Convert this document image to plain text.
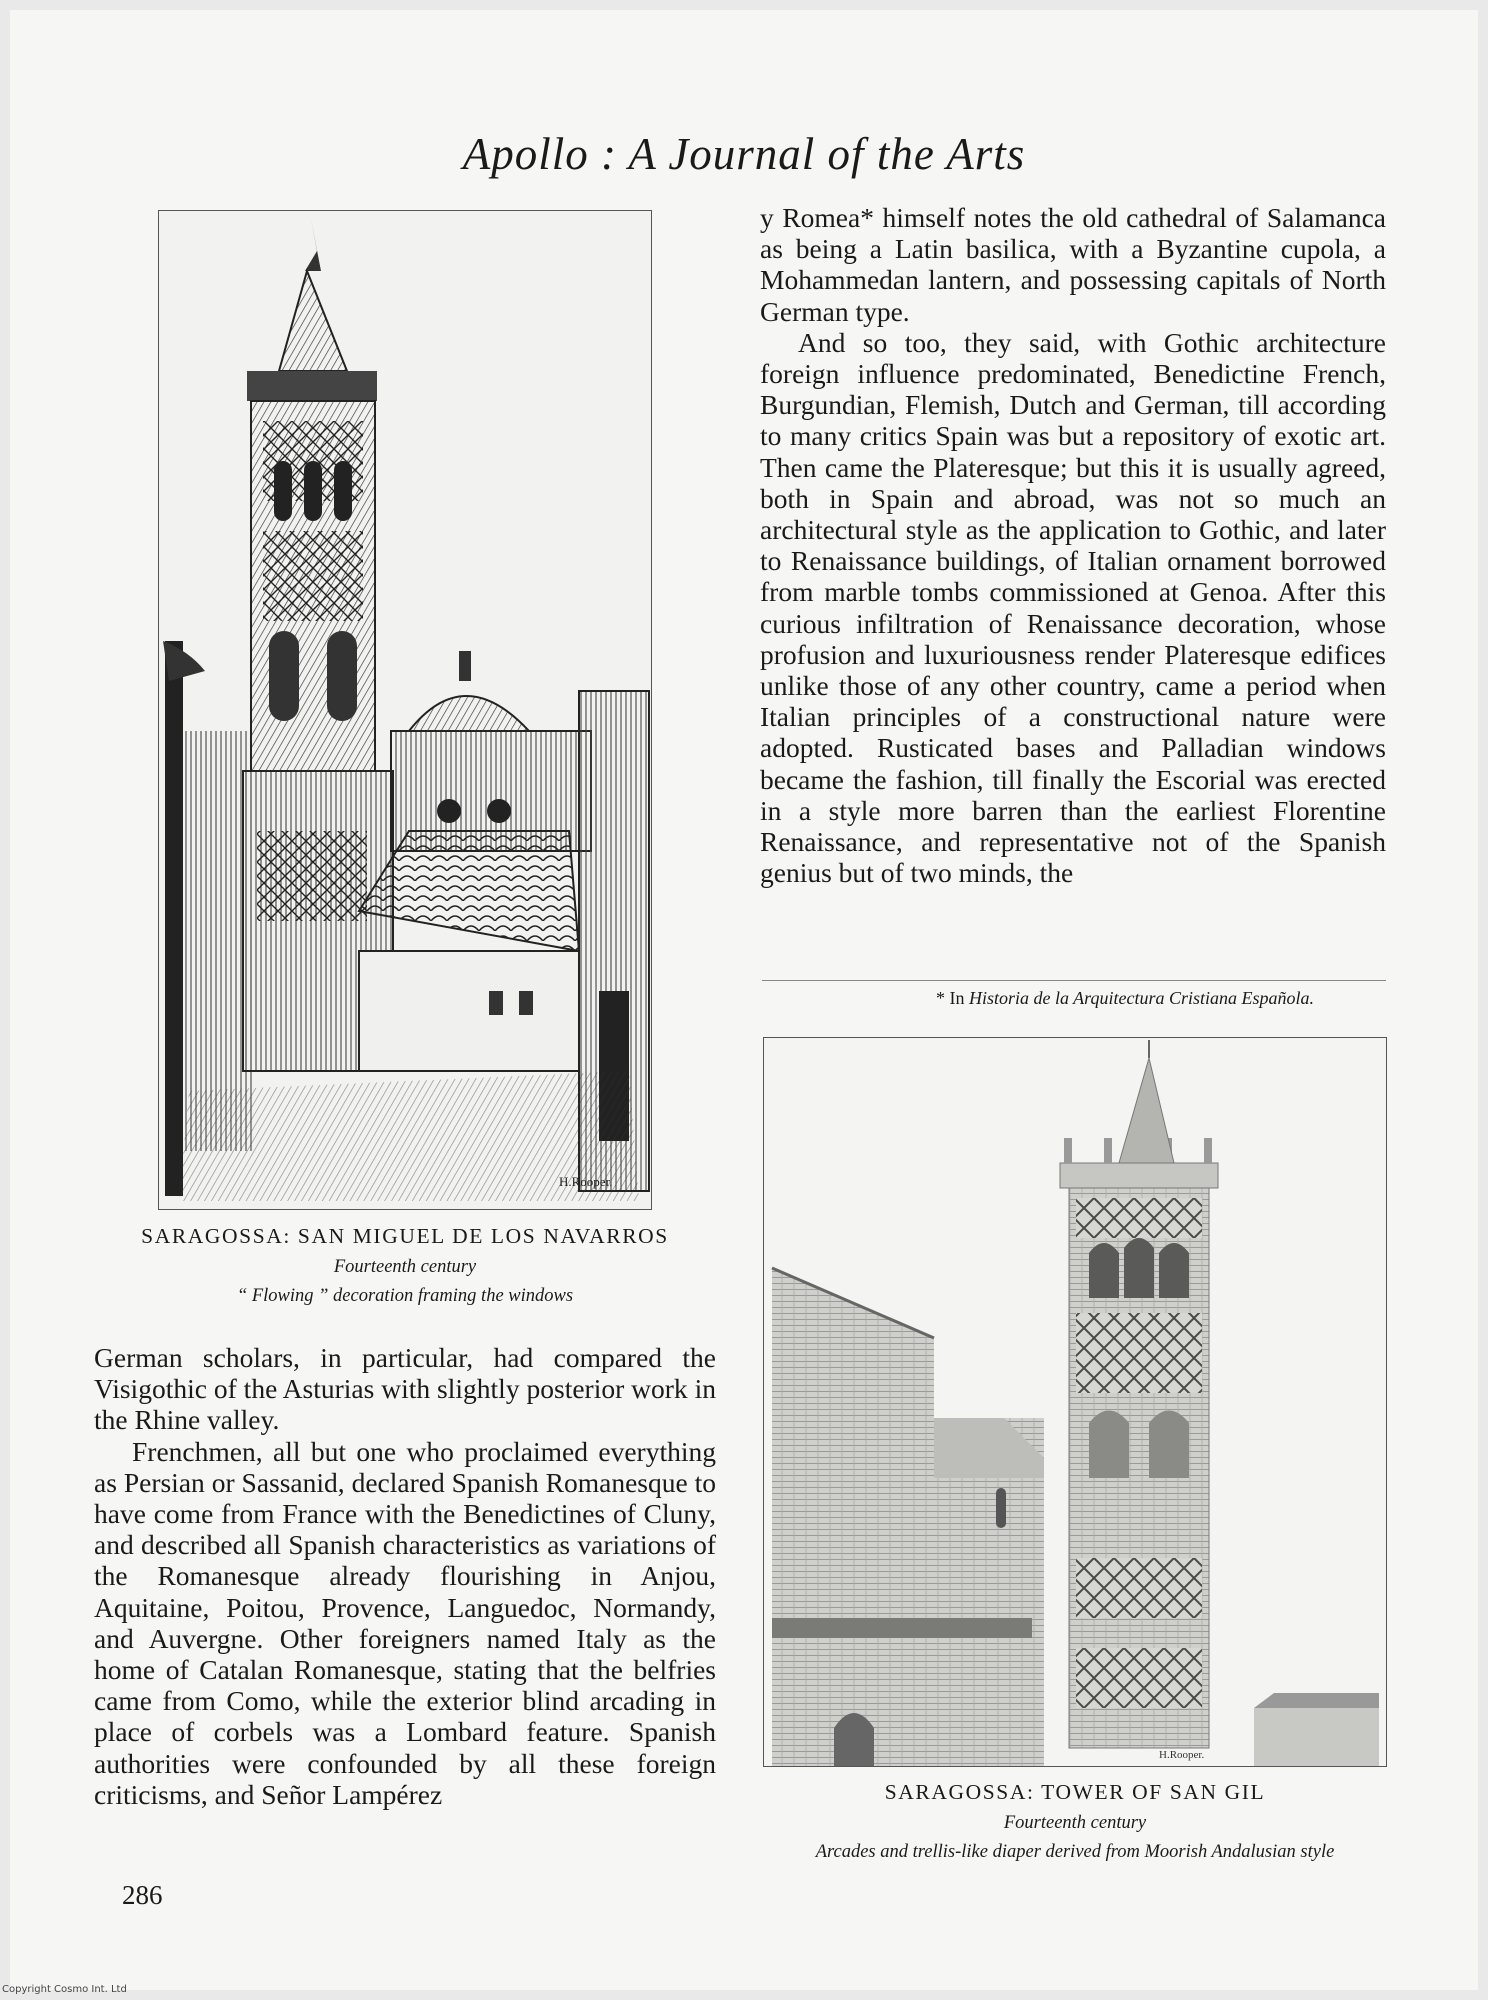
Apollo : A Journal of the Arts
H.Rooper.
SARAGOSSA: SAN MIGUEL DE LOS NAVARROS
Fourteenth century
“ Flowing ” decoration framing the windows

y Romea* himself notes the old cathedral of Salamanca as being a Latin basilica, with a Byzantine cupola, a Mohammedan lantern, and possessing capitals of North German type.

And so too, they said, with Gothic architecture foreign influence predominated, Benedictine French, Burgundian, Flemish, Dutch and German, till according to many critics Spain was but a repository of exotic art. Then came the Plateresque; but this it is usually agreed, both in Spain and abroad, was not so much an architectural style as the application to Gothic, and later to Renaissance buildings, of Italian ornament borrowed from marble tombs commissioned at Genoa. After this curious infiltration of Renaissance decoration, whose profusion and luxuriousness render Plateresque edifices unlike those of any other country, came a period when Italian principles of a constructional nature were adopted. Rusticated bases and Palladian windows became the fashion, till finally the Escorial was erected in a style more barren than the earliest Florentine Renaissance, and representative not of the Spanish genius but of two minds, the

* In Historia de la Arquitectura Cristiana Española.
H.Rooper.
SARAGOSSA: TOWER OF SAN GIL
Fourteenth century
Arcades and trellis-like diaper derived from Moorish Andalusian style

German scholars, in particular, had compared the Visigothic of the Asturias with slightly posterior work in the Rhine valley.

Frenchmen, all but one who proclaimed everything as Persian or Sassanid, declared Spanish Romanesque to have come from France with the Benedictines of Cluny, and described all Spanish characteristics as variations of the Romanesque already flourishing in Anjou, Aquitaine, Poitou, Provence, Languedoc, Normandy, and Auvergne. Other foreigners named Italy as the home of Catalan Romanesque, stating that the belfries came from Como, while the exterior blind arcading in place of corbels was a Lombard feature. Spanish authorities were confounded by all these foreign criticisms, and Señor Lampérez

286
Copyright Cosmo Int. Ltd
